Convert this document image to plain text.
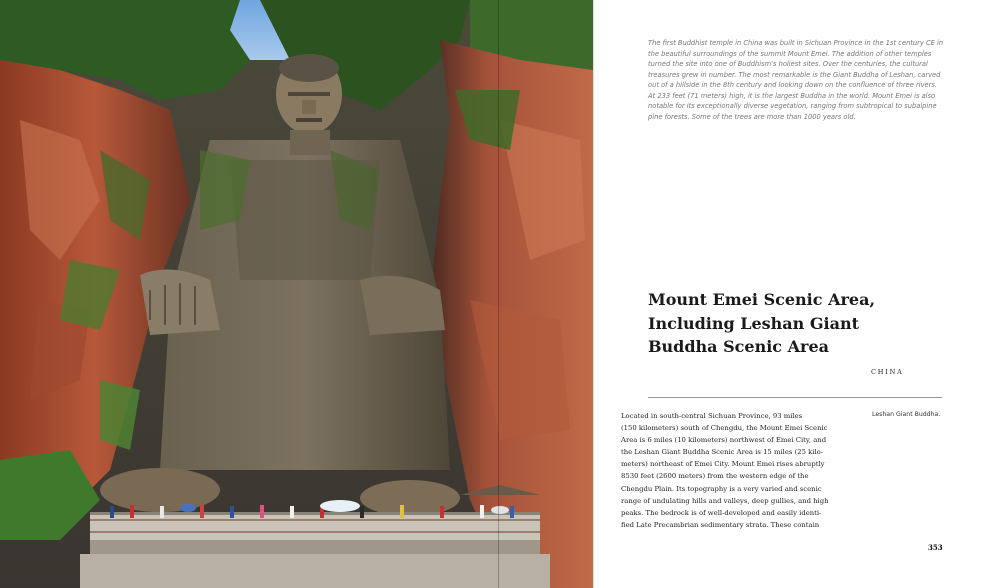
The first Buddhist temple in China was built in Sichuan Province in the 1st century CE in the beautiful surroundings of the summit Mount Emei. The addition of other temples turned the site into one of Buddhism's holiest sites. Over the centuries, the cultural treasures grew in number. The most remarkable is the Giant Buddha of Leshan, carved out of a hillside in the 8th century and looking down on the confluence of three rivers. At 233 feet (71 meters) high, it is the largest Buddha in the world. Mount Emei is also notable for its exceptionally diverse vegetation, ranging from subtropical to subalpine pine forests. Some of the trees are more than 1000 years old.
Mount Emei Scenic Area, Including Leshan Giant Buddha Scenic Area
CHINA
Located in south-central Sichuan Province, 93 miles
(150 kilometers) south of Chengdu, the Mount Emei Scenic
Area is 6 miles (10 kilometers) northwest of Emei City, and
the Leshan Giant Buddha Scenic Area is 15 miles (25 kilo-
meters) northeast of Emei City. Mount Emei rises abruptly
8530 feet (2600 meters) from the western edge of the
Chengdu Plain. Its topography is a very varied and scenic
range of undulating hills and valleys, deep gullies, and high
peaks. The bedrock is of well-developed and easily identi-
fied Late Precambrian sedimentary strata. These contain
Leshan Giant Buddha.
353
